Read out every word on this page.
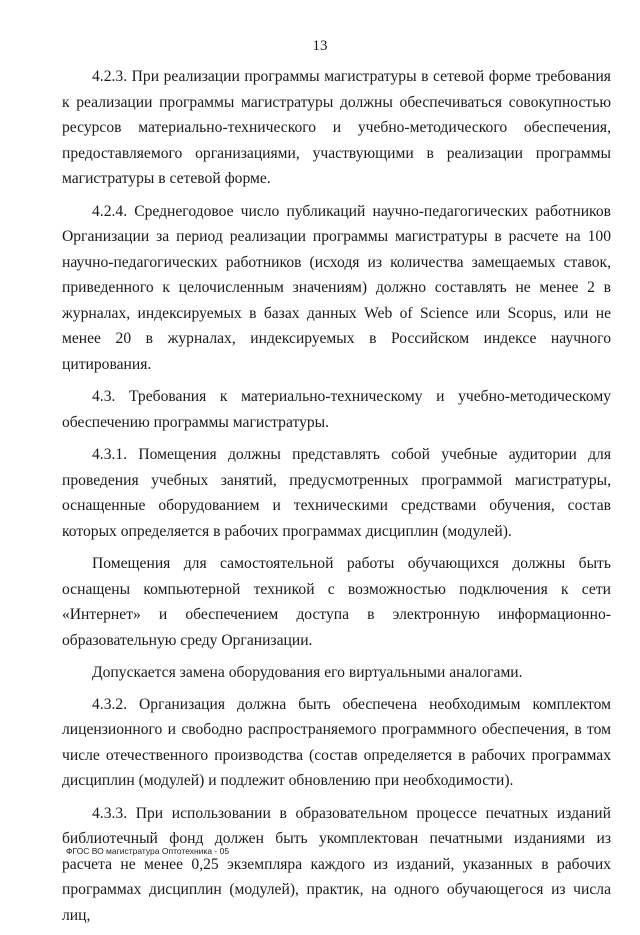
13

4.2.3. При реализации программы магистратуры в сетевой форме требования к реализации программы магистратуры должны обеспечиваться совокупностью ресурсов материально-технического и учебно-методического обеспечения, предоставляемого организациями, участвующими в реализации программы магистратуры в сетевой форме.

4.2.4. Среднегодовое число публикаций научно-педагогических работников Организации за период реализации программы магистратуры в расчете на 100 научно-педагогических работников (исходя из количества замещаемых ставок, приведенного к целочисленным значениям) должно составлять не менее 2 в журналах, индексируемых в базах данных Web of Science или Scopus, или не менее 20 в журналах, индексируемых в Российском индексе научного цитирования.

4.3. Требования к материально-техническому и учебно-методическому обеспечению программы магистратуры.

4.3.1. Помещения должны представлять собой учебные аудитории для проведения учебных занятий, предусмотренных программой магистратуры, оснащенные оборудованием и техническими средствами обучения, состав которых определяется в рабочих программах дисциплин (модулей).

Помещения для самостоятельной работы обучающихся должны быть оснащены компьютерной техникой с возможностью подключения к сети «Интернет» и обеспечением доступа в электронную информационно-образовательную среду Организации.

Допускается замена оборудования его виртуальными аналогами.

4.3.2. Организация должна быть обеспечена необходимым комплектом лицензионного и свободно распространяемого программного обеспечения, в том числе отечественного производства (состав определяется в рабочих программах дисциплин (модулей) и подлежит обновлению при необходимости).

4.3.3. При использовании в образовательном процессе печатных изданий библиотечный фонд должен быть укомплектован печатными изданиями из расчета не менее 0,25 экземпляра каждого из изданий, указанных в рабочих программах дисциплин (модулей), практик, на одного обучающегося из числа лиц,

ФГОС ВО магистратура Оптотехника - 05
